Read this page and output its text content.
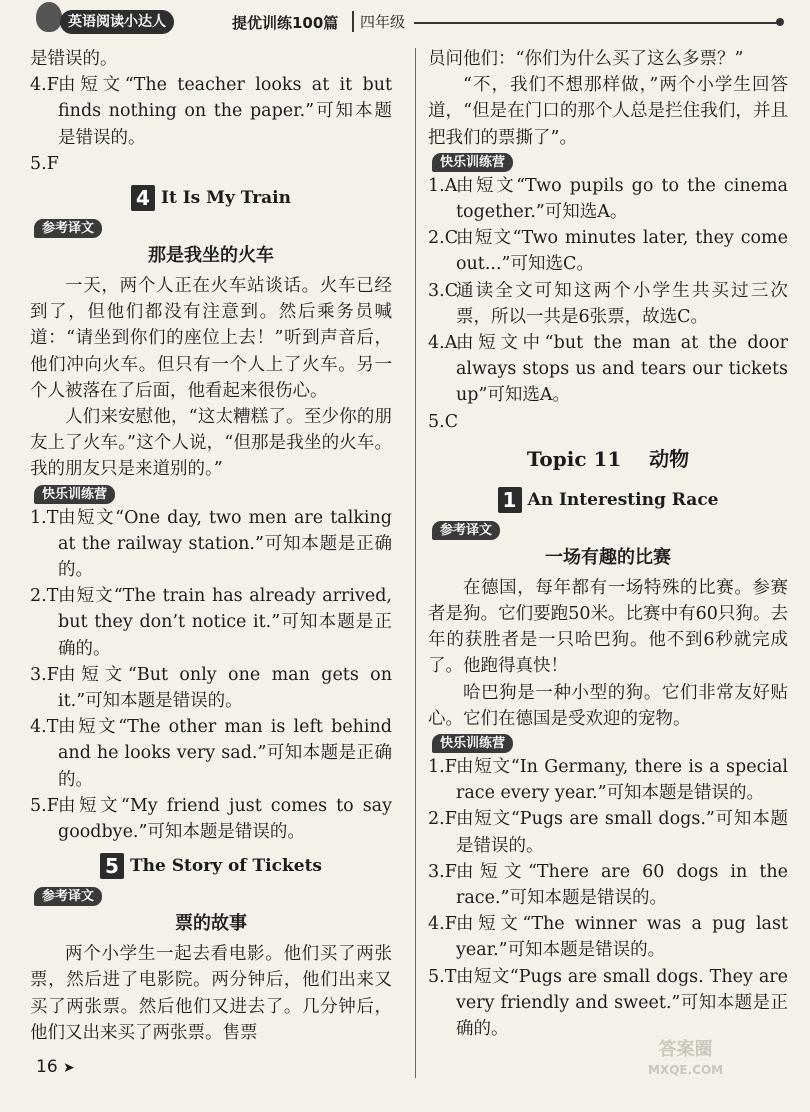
英语阅读小达人	提优训练100篇	四年级
是错误的。
4.F 由短文“The teacher looks at it but finds nothing on the paper.”可知本题是错误的。
5.F

4 It Is My Train
参考译文
那是我坐的火车
一天，两个人正在火车站谈话。火车已经到了，但他们都没有注意到。然后乘务员喊道：“请坐到你们的座位上去！”听到声音后，他们冲向火车。但只有一个人上了火车。另一个人被落在了后面，他看起来很伤心。
人们来安慰他，“这太糟糕了。至少你的朋友上了火车。”这个人说，“但那是我坐的火车。我的朋友只是来道别的。”
快乐训练营
1.T 由短文“One day, two men are talking at the railway station.”可知本题是正确的。
2.T 由短文“The train has already arrived, but they don’t notice it.”可知本题是正确的。
3.F 由短文“But only one man gets on it.”可知本题是错误的。
4.T 由短文“The other man is left behind and he looks very sad.”可知本题是正确的。
5.F 由短文“My friend just comes to say goodbye.”可知本题是错误的。
5 The Story of Tickets
参考译文
票的故事
两个小学生一起去看电影。他们买了两张票，然后进了电影院。两分钟后，他们出来又买了两张票。然后他们又进去了。几分钟后，他们又出来买了两张票。售票
员问他们：“你们为什么买了这么多票？”
“不，我们不想那样做，”两个小学生回答道，“但是在门口的那个人总是拦住我们，并且把我们的票撕了”。
快乐训练营
1.A
由短文“Two pupils go to the cinema together.”可知选A。
2.C
由短文“Two minutes later, they come out...”可知选C。
3.C
通读全文可知这两个小学生共买过三次票，所以一共是6张票，故选C。
4.A
由短文中“but the man at the door always stops us and tears our tickets up”可知选A。
5.C

Topic 11    动物
1 An Interesting Race
参考译文
一场有趣的比赛
在德国，每年都有一场特殊的比赛。参赛者是狗。它们要跑50米。比赛中有60只狗。去年的获胜者是一只哈巴狗。他不到6秒就完成了。他跑得真快！
哈巴狗是一种小型的狗。它们非常友好贴心。它们在德国是受欢迎的宠物。
快乐训练营
1.F 由短文“In Germany, there is a special race every year.”可知本题是错误的。
2.F 由短文“Pugs are small dogs.”可知本题是错误的。
3.F 由短文“There are 60 dogs in the race.”可知本题是错误的。
4.F 由短文“The winner was a pug last year.”可知本题是错误的。
5.T 由短文“Pugs are small dogs. They are very friendly and sweet.”可知本题是正确的。
16 ➤
答案圈
MXQE.COM
